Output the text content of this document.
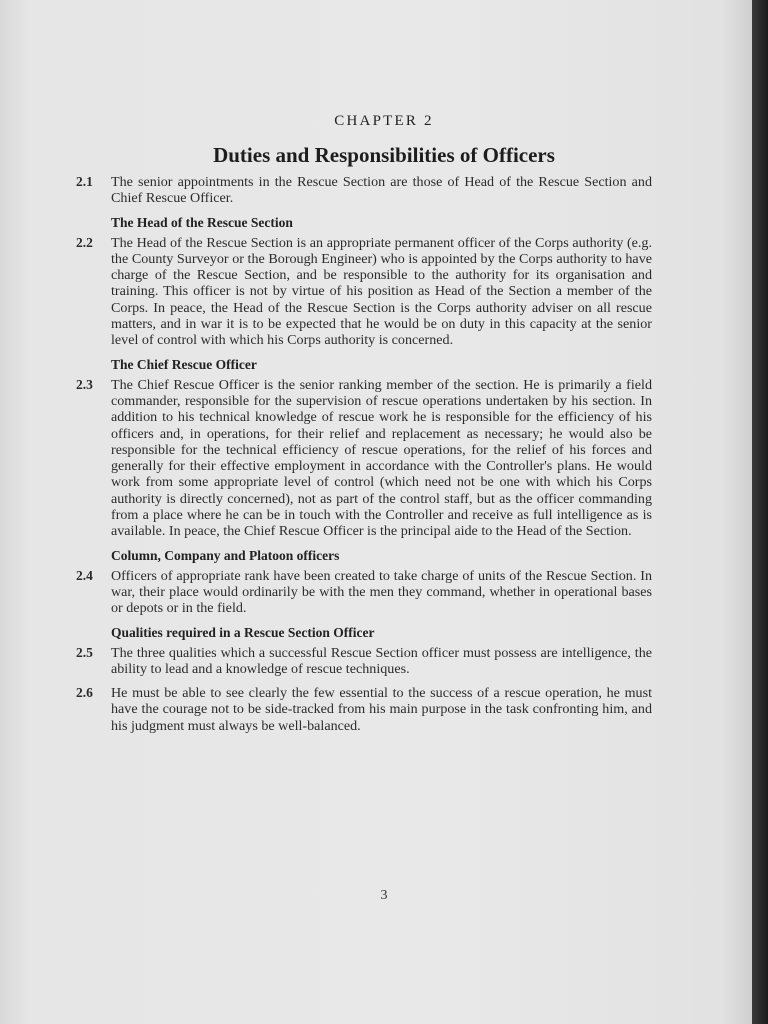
CHAPTER 2
Duties and Responsibilities of Officers
2.1 The senior appointments in the Rescue Section are those of Head of the Rescue Section and Chief Rescue Officer.
The Head of the Rescue Section
2.2 The Head of the Rescue Section is an appropriate permanent officer of the Corps authority (e.g. the County Surveyor or the Borough Engineer) who is appointed by the Corps authority to have charge of the Rescue Section, and be responsible to the authority for its organisation and training. This officer is not by virtue of his position as Head of the Section a member of the Corps. In peace, the Head of the Rescue Section is the Corps authority adviser on all rescue matters, and in war it is to be expected that he would be on duty in this capacity at the senior level of control with which his Corps authority is concerned.
The Chief Rescue Officer
2.3 The Chief Rescue Officer is the senior ranking member of the section. He is primarily a field commander, responsible for the supervision of rescue operations undertaken by his section. In addition to his technical knowledge of rescue work he is responsible for the efficiency of his officers and, in operations, for their relief and replacement as necessary; he would also be responsible for the technical efficiency of rescue operations, for the relief of his forces and generally for their effective employment in accordance with the Controller's plans. He would work from some appropriate level of control (which need not be one with which his Corps authority is directly concerned), not as part of the control staff, but as the officer commanding from a place where he can be in touch with the Controller and receive as full intelligence as is available. In peace, the Chief Rescue Officer is the principal aide to the Head of the Section.
Column, Company and Platoon officers
2.4 Officers of appropriate rank have been created to take charge of units of the Rescue Section. In war, their place would ordinarily be with the men they command, whether in operational bases or depots or in the field.
Qualities required in a Rescue Section Officer
2.5 The three qualities which a successful Rescue Section officer must possess are intelligence, the ability to lead and a knowledge of rescue techniques.
2.6 He must be able to see clearly the few essential to the success of a rescue operation, he must have the courage not to be side-tracked from his main purpose in the task confronting him, and his judgment must always be well-balanced.
3
